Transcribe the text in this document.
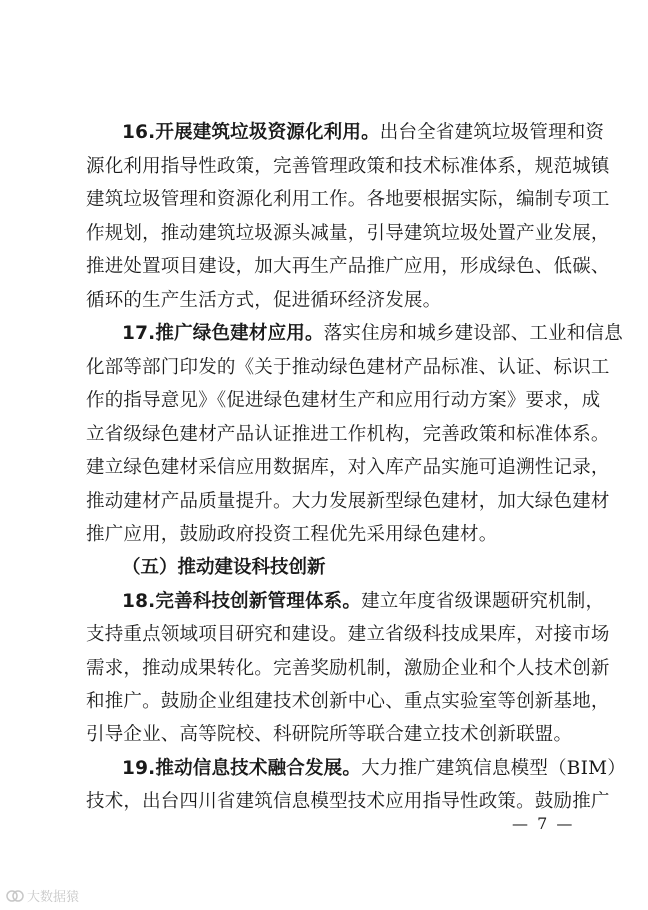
16.开展建筑垃圾资源化利用。出台全省建筑垃圾管理和资
源化利用指导性政策，完善管理政策和技术标准体系，规范城镇
建筑垃圾管理和资源化利用工作。各地要根据实际，编制专项工
作规划，推动建筑垃圾源头减量，引导建筑垃圾处置产业发展，
推进处置项目建设，加大再生产品推广应用，形成绿色、低碳、
循环的生产生活方式，促进循环经济发展。
17.推广绿色建材应用。落实住房和城乡建设部、工业和信息
化部等部门印发的《关于推动绿色建材产品标准、认证、标识工
作的指导意见》《促进绿色建材生产和应用行动方案》要求，成
立省级绿色建材产品认证推进工作机构，完善政策和标准体系。
建立绿色建材采信应用数据库，对入库产品实施可追溯性记录，
推动建材产品质量提升。大力发展新型绿色建材，加大绿色建材
推广应用，鼓励政府投资工程优先采用绿色建材。
（五）推动建设科技创新
18.完善科技创新管理体系。建立年度省级课题研究机制，
支持重点领域项目研究和建设。建立省级科技成果库，对接市场
需求，推动成果转化。完善奖励机制，激励企业和个人技术创新
和推广。鼓励企业组建技术创新中心、重点实验室等创新基地，
引导企业、高等院校、科研院所等联合建立技术创新联盟。
19.推动信息技术融合发展。大力推广建筑信息模型（BIM）
技术，出台四川省建筑信息模型技术应用指导性政策。鼓励推广
— 7 —
大数据猿
